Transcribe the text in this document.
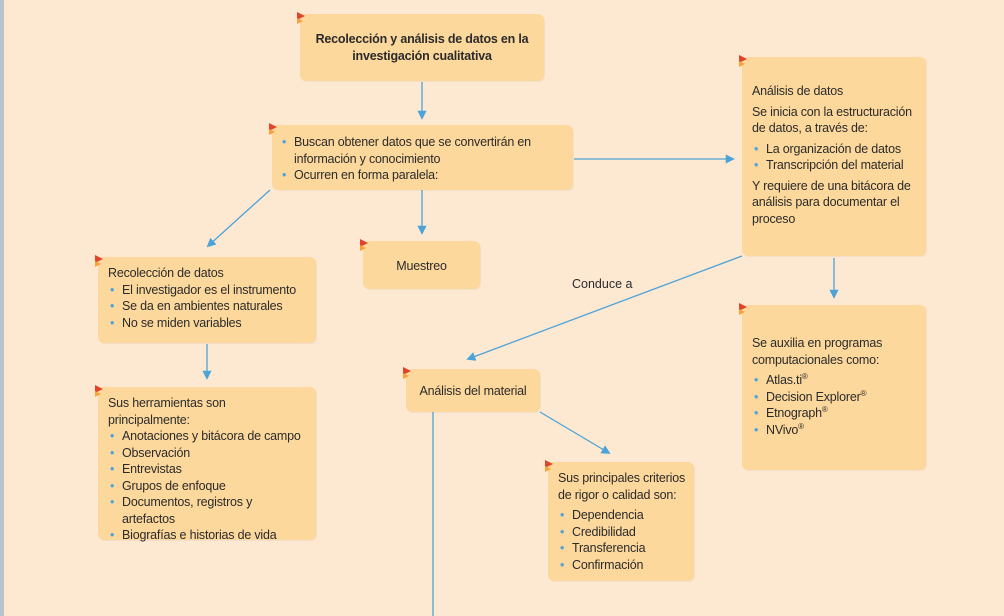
Recolección y análisis de datos en la investigación cualitativa
• Buscan obtener datos que se convertirán en información y conocimiento
• Ocurren en forma paralela:
Recolección de datos
• El investigador es el instrumento
• Se da en ambientes naturales
• No se miden variables
Muestreo
Sus herramientas son principalmente:
• Anotaciones y bitácora de campo
• Observación
• Entrevistas
• Grupos de enfoque
• Documentos, registros y artefactos
• Biografías e historias de vida
Análisis de datos
Se inicia con la estructuración de datos, a través de:
• La organización de datos
• Transcripción del material
Y requiere de una bitácora de análisis para documentar el proceso
Se auxilia en programas computacionales como:
• Atlas.ti®
• Decision Explorer®
• Etnograph®
• NVivo®
Análisis del material
Sus principales criterios de rigor o calidad son:
• Dependencia
• Credibilidad
• Transferencia
• Confirmación
Conduce a
